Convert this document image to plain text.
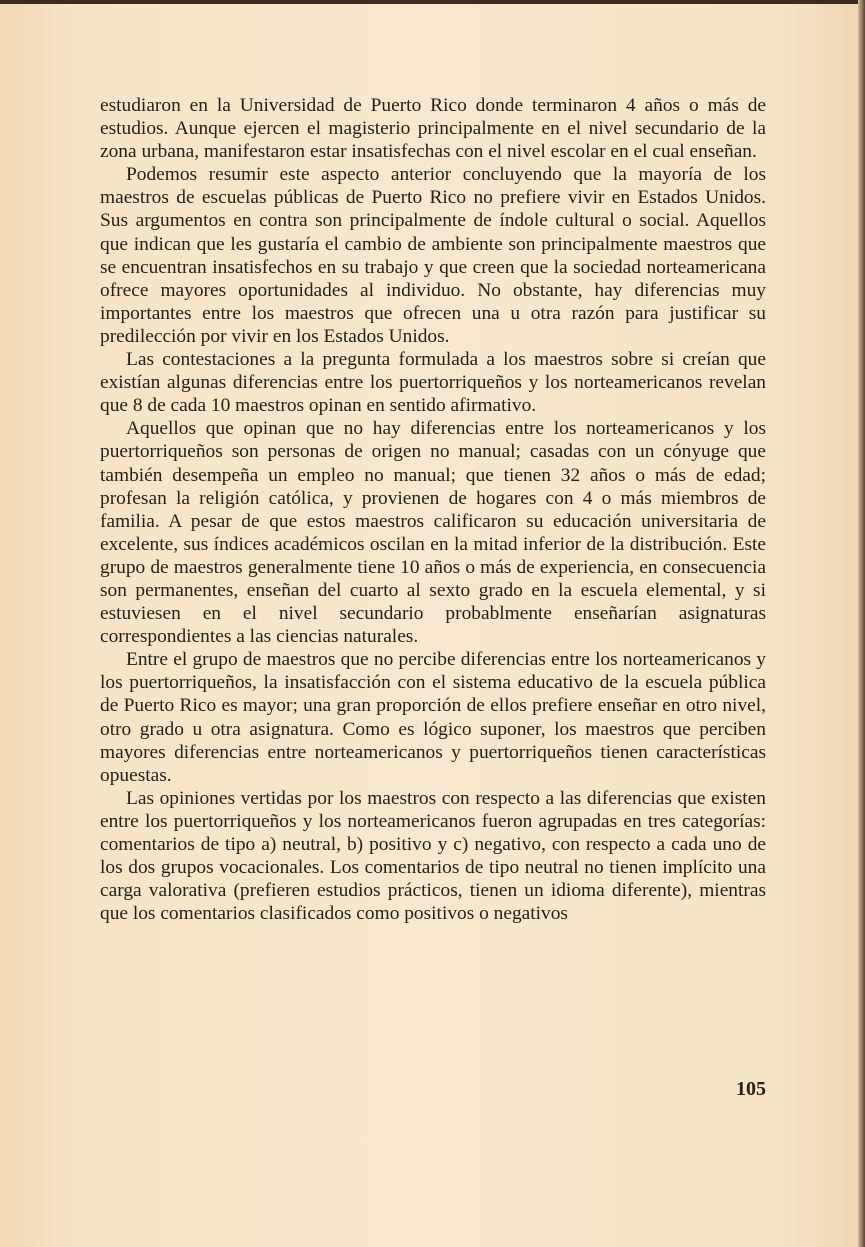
estudiaron en la Universidad de Puerto Rico donde terminaron 4 años o más de estudios. Aunque ejercen el magisterio principalmente en el nivel secundario de la zona urbana, manifestaron estar insatisfechas con el nivel escolar en el cual enseñan.

Podemos resumir este aspecto anterior concluyendo que la mayoría de los maestros de escuelas públicas de Puerto Rico no prefiere vivir en Estados Unidos. Sus argumentos en contra son principalmente de índole cultural o social. Aquellos que indican que les gustaría el cambio de ambiente son principalmente maestros que se encuentran insatisfechos en su trabajo y que creen que la sociedad norteamericana ofrece mayores oportunidades al individuo. No obstante, hay diferencias muy importantes entre los maestros que ofrecen una u otra razón para justificar su predilección por vivir en los Estados Unidos.

Las contestaciones a la pregunta formulada a los maestros sobre si creían que existían algunas diferencias entre los puertorriqueños y los norteamericanos revelan que 8 de cada 10 maestros opinan en sentido afirmativo.

Aquellos que opinan que no hay diferencias entre los norteamericanos y los puertorriqueños son personas de origen no manual; casadas con un cónyuge que también desempeña un empleo no manual; que tienen 32 años o más de edad; profesan la religión católica, y provienen de hogares con 4 o más miembros de familia. A pesar de que estos maestros calificaron su educación universitaria de excelente, sus índices académicos oscilan en la mitad inferior de la distribución. Este grupo de maestros generalmente tiene 10 años o más de experiencia, en consecuencia son permanentes, enseñan del cuarto al sexto grado en la escuela elemental, y si estuviesen en el nivel secundario probablmente enseñarían asignaturas correspondientes a las ciencias naturales.

Entre el grupo de maestros que no percibe diferencias entre los norteamericanos y los puertorriqueños, la insatisfacción con el sistema educativo de la escuela pública de Puerto Rico es mayor; una gran proporción de ellos prefiere enseñar en otro nivel, otro grado u otra asignatura. Como es lógico suponer, los maestros que perciben mayores diferencias entre norteamericanos y puertorriqueños tienen características opuestas.

Las opiniones vertidas por los maestros con respecto a las diferencias que existen entre los puertorriqueños y los norteamericanos fueron agrupadas en tres categorías: comentarios de tipo a) neutral, b) positivo y c) negativo, con respecto a cada uno de los dos grupos vocacionales. Los comentarios de tipo neutral no tienen implícito una carga valorativa (prefieren estudios prácticos, tienen un idioma diferente), mientras que los comentarios clasificados como positivos o negativos

105
